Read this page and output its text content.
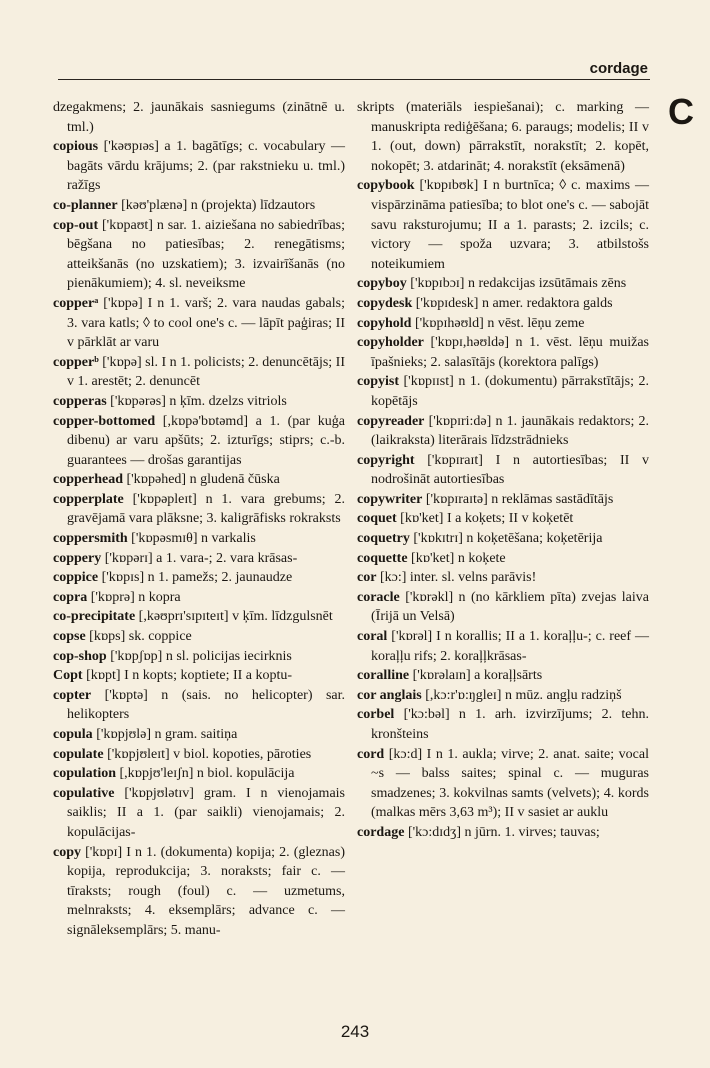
cordage
C

dzegakmens; 2. jaunākais sasniegums (zinātnē u. tml.)

copious ['kəʊpɪəs] a 1. bagātīgs; c. vocabulary — bagāts vārdu krājums; 2. (par rakstnieku u. tml.) ražīgs

co-planner [kəʊ'plænə] n (projekta) līdzautors

cop-out ['kɒpaʊt] n sar. 1. aiziešana no sabiedrības; bēgšana no patiesības; 2. renegātisms; atteikšanās (no uzskatiem); 3. izvairīšanās (no pienākumiem); 4. sl. neveiksme

copperᵃ ['kɒpə] I n 1. varš; 2. vara naudas gabals; 3. vara katls; ◊ to cool one's c. — lāpīt paģiras; II v pārklāt ar varu

copperᵇ ['kɒpə] sl. I n 1. policists; 2. denuncētājs; II v 1. arestēt; 2. denuncēt

copperas ['kɒpərəs] n ķīm. dzelzs vitriols

copper-bottomed [,kɒpə'bɒtəmd] a 1. (par kuģa dibenu) ar varu apšūts; 2. izturīgs; stiprs; c.-b. guarantees — drošas garantijas

copperhead ['kɒpəhed] n gludenā čūska

copperplate ['kɒpəpleɪt] n 1. vara grebums; 2. gravējamā vara plāksne; 3. kaligrāfisks rokraksts

coppersmith ['kɒpəsmɪθ] n varkalis

coppery ['kɒpərɪ] a 1. vara-; 2. vara krāsas-

coppice ['kɒpɪs] n 1. pamežs; 2. jaunaudze

copra ['kɒprə] n kopra

co-precipitate [,kəʊprɪ'sɪpɪteɪt] v ķīm. līdzgulsnēt

copse [kɒps] sk. coppice

cop-shop ['kɒpʃɒp] n sl. policijas iecirknis

Copt [kɒpt] I n kopts; koptiete; II a koptu-

copter ['kɒptə] n (sais. no helicopter) sar. helikopters

copula ['kɒpjʊlə] n gram. saitiņa

copulate ['kɒpjʊleɪt] v biol. kopoties, pāroties

copulation [,kɒpjʊ'leɪʃn] n biol. kopulācija

copulative ['kɒpjʊlətɪv] gram. I n vienojamais saiklis; II a 1. (par saikli) vienojamais; 2. kopulācijas-

copy ['kɒpɪ] I n 1. (dokumenta) kopija; 2. (gleznas) kopija, reprodukcija; 3. noraksts; fair c. — tīraksts; rough (foul) c. — uzmetums, melnraksts; 4. eksemplārs; advance c. — signāleksemplārs; 5. manu-

skripts (materiāls iespiešanai); c. marking — manuskripta rediģēšana; 6. paraugs; modelis; II v 1. (out, down) pārrakstīt, norakstīt; 2. kopēt, nokopēt; 3. atdarināt; 4. norakstīt (eksāmenā)

copybook ['kɒpɪbʊk] I n burtnīca; ◊ c. maxims — vispārzināma patiesība; to blot one's c. — sabojāt savu raksturojumu; II a 1. parasts; 2. izcils; c. victory — spoža uzvara; 3. atbilstošs noteikumiem

copyboy ['kɒpɪbɔɪ] n redakcijas izsūtāmais zēns

copydesk ['kɒpɪdesk] n amer. redaktora galds

copyhold ['kɒpɪhəʊld] n vēst. lēņu zeme

copyholder ['kɒpɪ,həʊldə] n 1. vēst. lēņu muižas īpašnieks; 2. salasītājs (korektora palīgs)

copyist ['kɒpɪɪst] n 1. (dokumentu) pārrakstītājs; 2. kopētājs

copyreader ['kɒpɪri:də] n 1. jaunākais redaktors; 2. (laikraksta) literārais līdzstrādnieks

copyright ['kɒpɪraɪt] I n autortiesības; II v nodrošināt autortiesības

copywriter ['kɒpɪraɪtə] n reklāmas sastādītājs

coquet [kɒ'ket] I a koķets; II v koķetēt

coquetry ['kɒkɪtrɪ] n koķetēšana; koķetērija

coquette [kɒ'ket] n koķete

cor [kɔ:] inter. sl. velns parāvis!

coracle ['kɒrəkl] n (no kārkliem pīta) zvejas laiva (Īrijā un Velsā)

coral ['kɒrəl] I n korallis; II a 1. koraļļu-; c. reef — koraļļu rifs; 2. koraļļkrāsas-

coralline ['kɒrəlaɪn] a koraļļsārts

cor anglais [,kɔ:r'ɒ:ŋgleɪ] n mūz. angļu radziņš

corbel ['kɔ:bəl] n 1. arh. izvirzījums; 2. tehn. kronšteins

cord [kɔ:d] I n 1. aukla; virve; 2. anat. saite; vocal ~s — balss saites; spinal c. — muguras smadzenes; 3. kokvilnas samts (velvets); 4. kords (malkas mērs 3,63 m³); II v sasiet ar auklu

cordage ['kɔ:dɪdʒ] n jūrn. 1. virves; tauvas;

243
